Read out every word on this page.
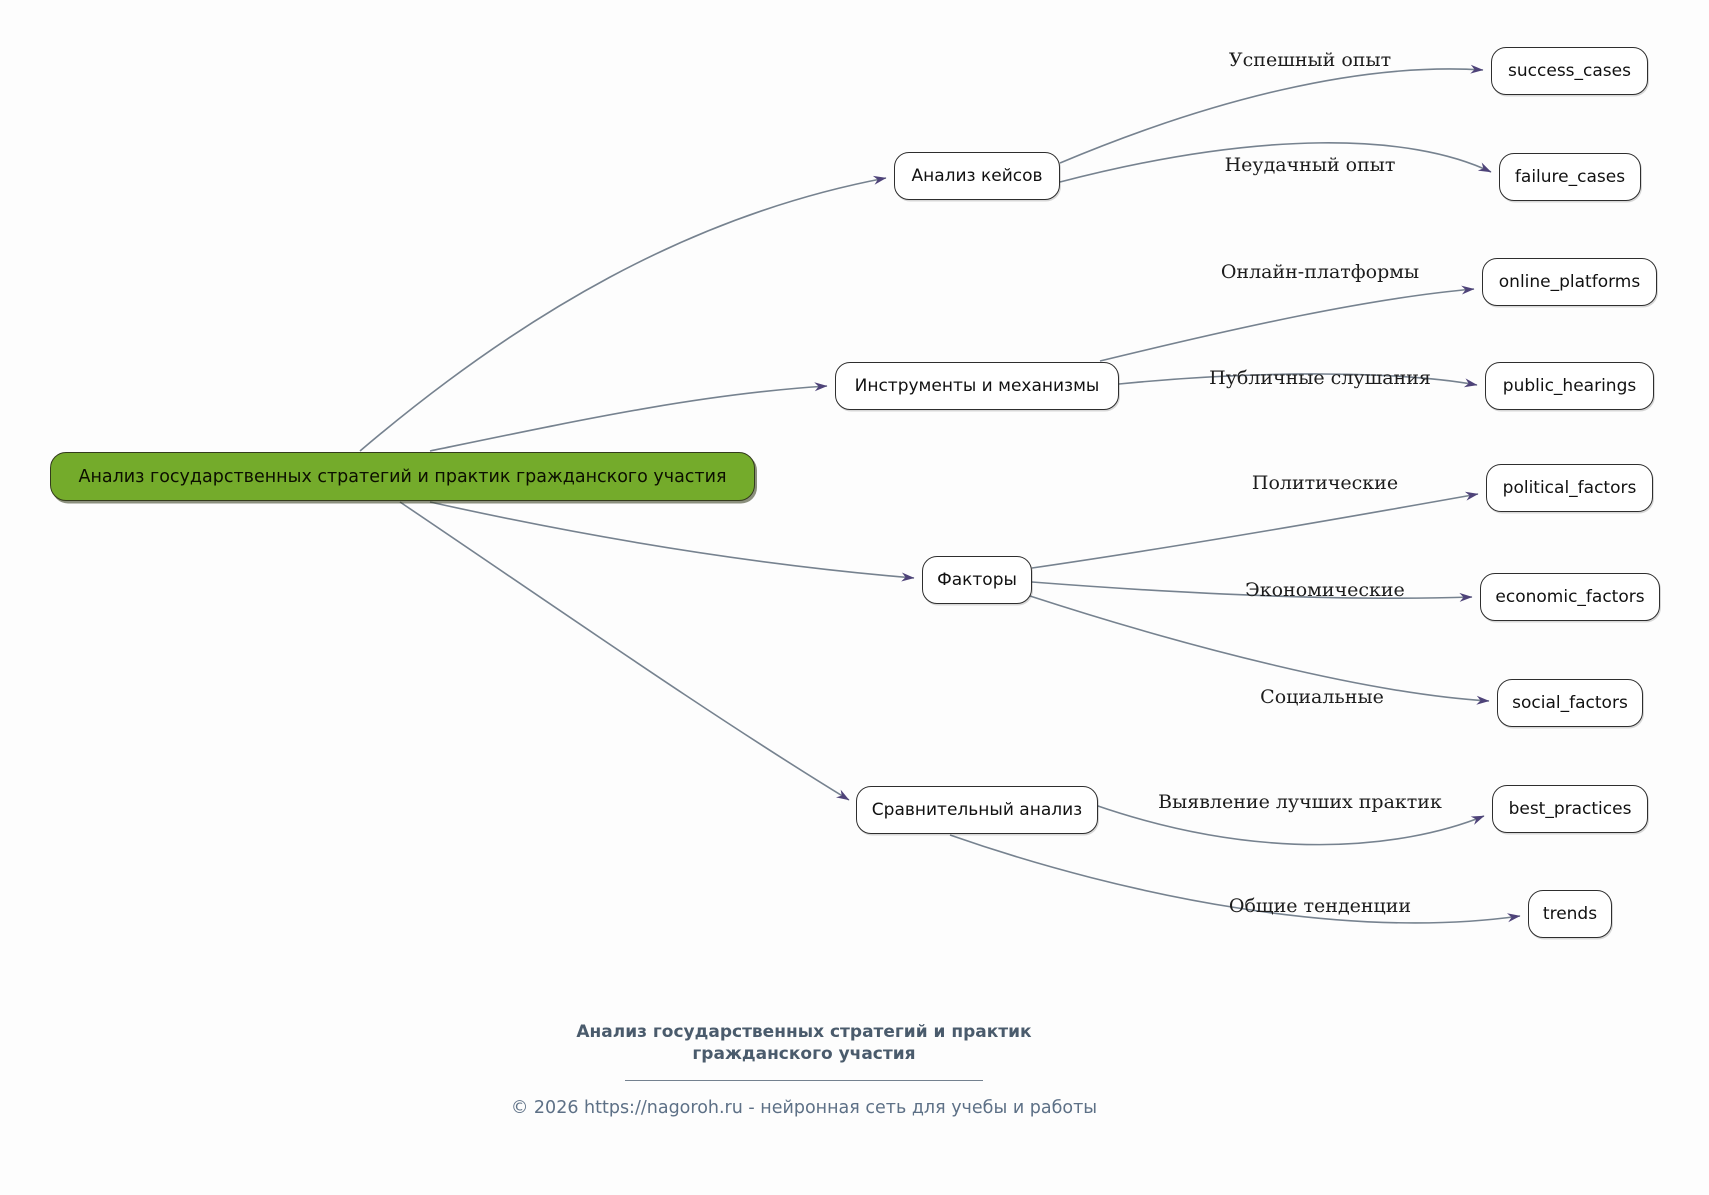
Анализ государственных стратегий и практик гражданского участия
Анализ кейсов
Инструменты и механизмы
Факторы
Сравнительный анализ
success_cases
failure_cases
online_platforms
public_hearings
political_factors
economic_factors
social_factors
best_practices
trends
Успешный опыт
Неудачный опыт
Онлайн-платформы
Публичные слушания
Политические
Экономические
Социальные
Выявление лучших практик
Общие тенденции
Анализ государственных стратегий и практик
гражданского участия
© 2026 https://nagoroh.ru - нейронная сеть для учебы и работы
